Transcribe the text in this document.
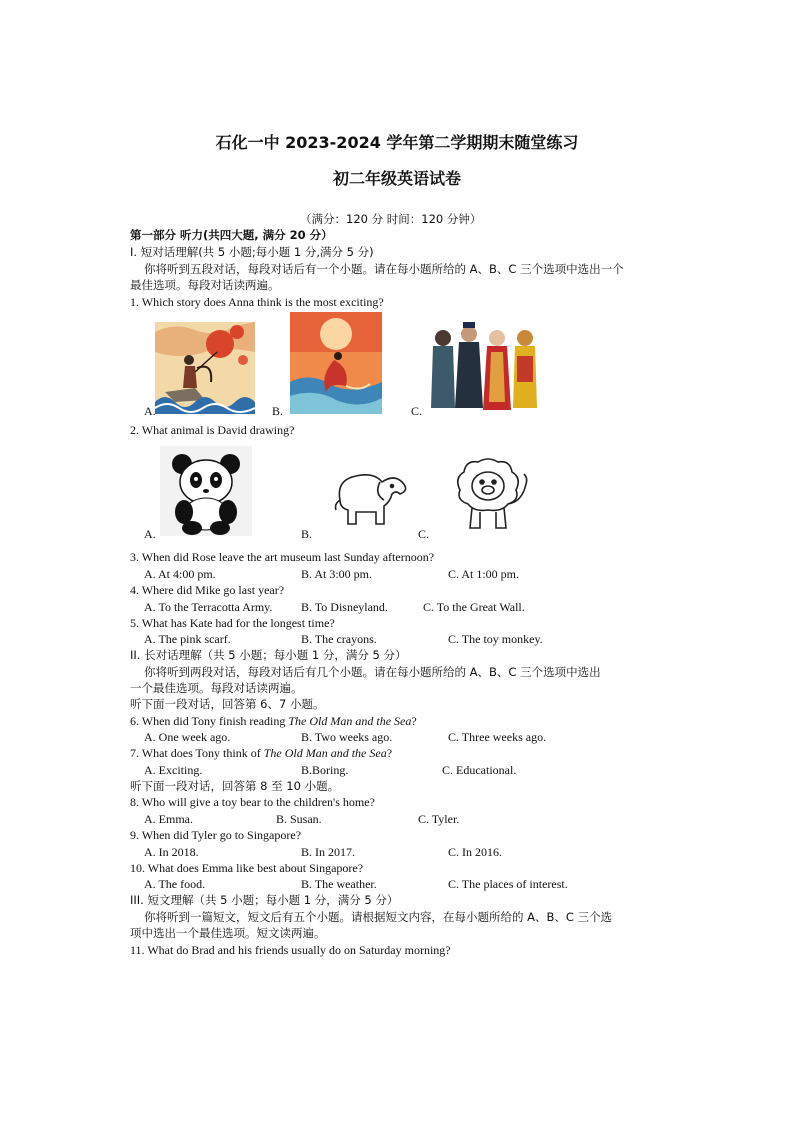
石化一中 2023-2024 学年第二学期期末随堂练习
初二年级英语试卷
（满分：120 分 时间：120 分钟）
第一部分 听力(共四大题, 满分 20 分）
I. 短对话理解(共 5 小题;每小题 1 分,满分 5 分)
你将听到五段对话，每段对话后有一个小题。请在每小题所给的 A、B、C 三个选项中选出一个
最佳选项。每段对话读两遍。
1. Which story does Anna think is the most exciting?
A.	B.	C.
2. What animal is David drawing?
A.	B.	C.
3. When did Rose leave the art museum last Sunday afternoon?
A. At 4:00 pm.	B. At 3:00 pm.	C. At 1:00 pm.
4. Where did Mike go last year?
A. To the Terracotta Army. B. To Disneyland.	C. To the Great Wall.
5. What has Kate had for the longest time?
A. The pink scarf.	B. The crayons.	C. The toy monkey.
II. 长对话理解（共 5 小题；每小题 1 分，满分 5 分）
你将听到两段对话，每段对话后有几个小题。请在每小题所给的 A、B、C 三个选项中选出
一个最佳选项。每段对话读两遍。
听下面一段对话，回答第 6、7 小题。
6. When did Tony finish reading The Old Man and the Sea?
A. One week ago.	B. Two weeks ago.	C. Three weeks ago.
7. What does Tony think of The Old Man and the Sea?
A. Exciting.	B.Boring.	C. Educational.
听下面一段对话，回答第 8 至 10 小题。
8. Who will give a toy bear to the children's home?
A. Emma.	B. Susan.	C. Tyler.
9. When did Tyler go to Singapore?
A. In 2018.	B. In 2017.	C. In 2016.
10. What does Emma like best about Singapore?
A. The food.	B. The weather.	C. The places of interest.
III. 短文理解（共 5 小题；每小题 1 分，满分 5 分）
你将听到一篇短文，短文后有五个小题。请根据短文内容，在每小题所给的 A、B、C 三个选
项中选出一个最佳选项。短文读两遍。
11. What do Brad and his friends usually do on Saturday morning?
